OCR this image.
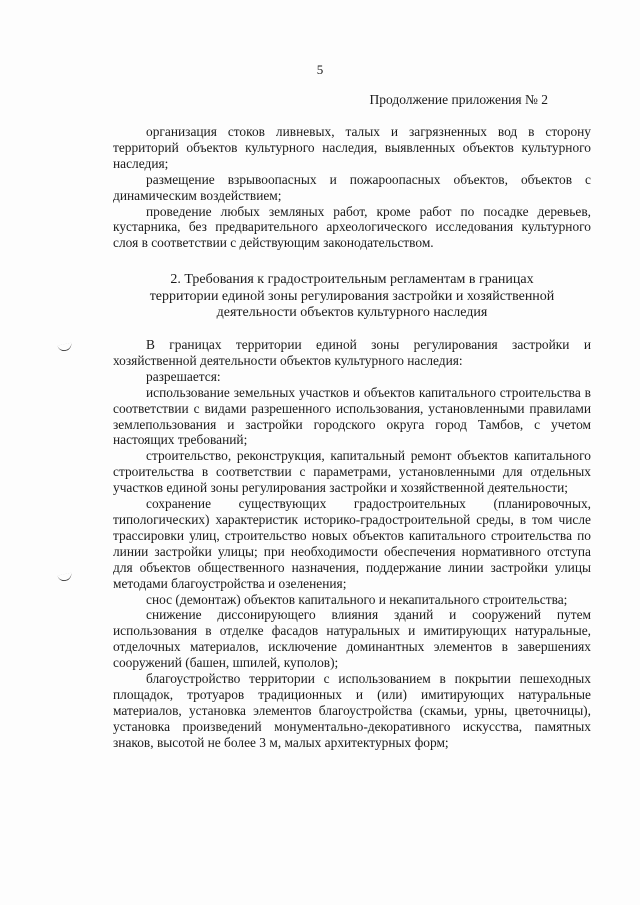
5
Продолжение приложения № 2

организация стоков ливневых, талых и загрязненных вод в сторону территорий объектов культурного наследия, выявленных объектов культурного наследия;

размещение взрывоопасных и пожароопасных объектов, объектов с динамическим воздействием;

проведение любых земляных работ, кроме работ по посадке деревьев, кустарника, без предварительного археологического исследования культурного слоя в соответствии с действующим законодательством.

2. Требования к градостроительным регламентам в границах
территории единой зоны регулирования застройки и хозяйственной
деятельности объектов культурного наследия

В границах территории единой зоны регулирования застройки и хозяйственной деятельности объектов культурного наследия:

разрешается:

использование земельных участков и объектов капитального строительства в соответствии с видами разрешенного использования, установленными правилами землепользования и застройки городского округа город Тамбов, с учетом настоящих требований;

строительство, реконструкция, капитальный ремонт объектов капитального строительства в соответствии с параметрами, установленными для отдельных участков единой зоны регулирования застройки и хозяйственной деятельности;

сохранение существующих градостроительных (планировочных, типологических) характеристик историко-градостроительной среды, в том числе трассировки улиц, строительство новых объектов капитального строительства по линии застройки улицы; при необходимости обеспечения нормативного отступа для объектов общественного назначения, поддержание линии застройки улицы методами благоустройства и озеленения;

снос (демонтаж) объектов капитального и некапитального строительства;

снижение диссонирующего влияния зданий и сооружений путем использования в отделке фасадов натуральных и имитирующих натуральные, отделочных материалов, исключение доминантных элементов в завершениях сооружений (башен, шпилей, куполов);

благоустройство территории с использованием в покрытии пешеходных площадок, тротуаров традиционных и (или) имитирующих натуральные материалов, установка элементов благоустройства (скамьи, урны, цветочницы), установка произведений монументально-декоративного искусства, памятных знаков, высотой не более 3 м, малых архитектурных форм;
